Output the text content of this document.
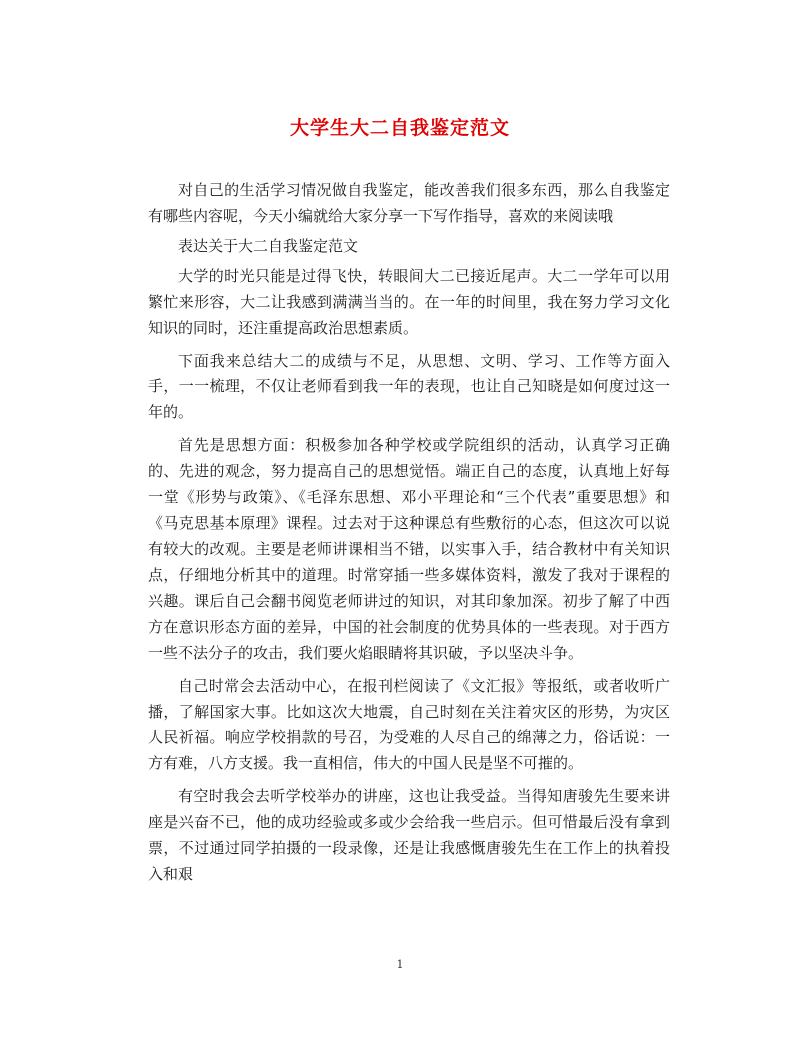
大学生大二自我鉴定范文

对自己的生活学习情况做自我鉴定，能改善我们很多东西，那么自我鉴定有哪些内容呢，今天小编就给大家分享一下写作指导，喜欢的来阅读哦

表达关于大二自我鉴定范文

大学的时光只能是过得飞快，转眼间大二已接近尾声。大二一学年可以用繁忙来形容，大二让我感到满满当当的。在一年的时间里，我在努力学习文化知识的同时，还注重提高政治思想素质。

下面我来总结大二的成绩与不足，从思想、文明、学习、工作等方面入手，一一梳理，不仅让老师看到我一年的表现，也让自己知晓是如何度过这一年的。

首先是思想方面：积极参加各种学校或学院组织的活动，认真学习正确的、先进的观念，努力提高自己的思想觉悟。端正自己的态度，认真地上好每一堂《形势与政策》、《毛泽东思想、邓小平理论和“三个代表”重要思想》和《马克思基本原理》课程。过去对于这种课总有些敷衍的心态，但这次可以说有较大的改观。主要是老师讲课相当不错，以实事入手，结合教材中有关知识点，仔细地分析其中的道理。时常穿插一些多媒体资料，激发了我对于课程的兴趣。课后自己会翻书阅览老师讲过的知识，对其印象加深。初步了解了中西方在意识形态方面的差异，中国的社会制度的优势具体的一些表现。对于西方一些不法分子的攻击，我们要火焰眼睛将其识破，予以坚决斗争。

自己时常会去活动中心，在报刊栏阅读了《文汇报》等报纸，或者收听广播，了解国家大事。比如这次大地震，自己时刻在关注着灾区的形势，为灾区人民祈福。响应学校捐款的号召，为受难的人尽自己的绵薄之力，俗话说：一方有难，八方支援。我一直相信，伟大的中国人民是坚不可摧的。

有空时我会去听学校举办的讲座，这也让我受益。当得知唐骏先生要来讲座是兴奋不已，他的成功经验或多或少会给我一些启示。但可惜最后没有拿到票，不过通过同学拍摄的一段录像，还是让我感慨唐骏先生在工作上的执着投入和艰

1
